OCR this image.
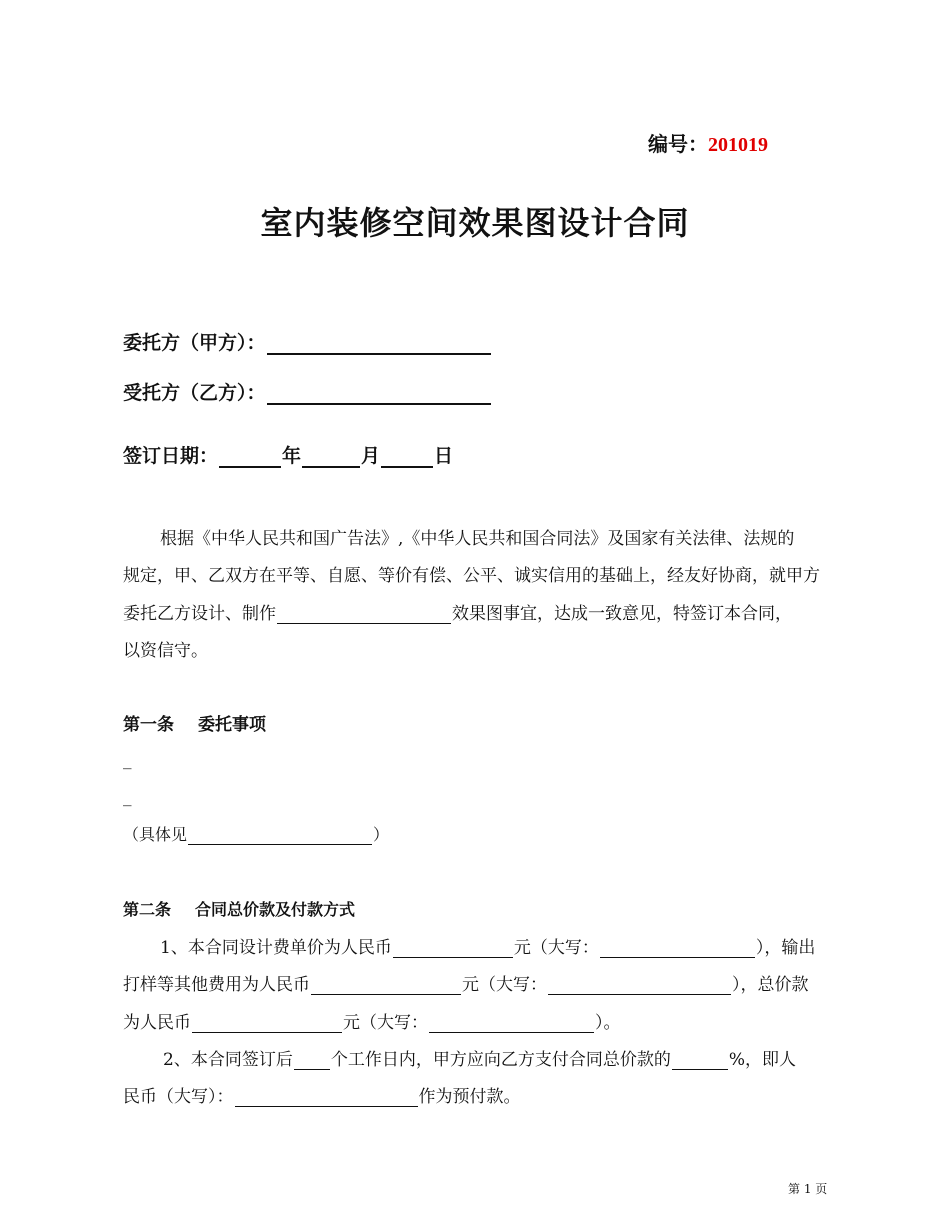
编号：201019
室内装修空间效果图设计合同
委托方（甲方）：
受托方（乙方）：
签订日期：	年	月	日
根据《中华人民共和国广告法》,《中华人民共和国合同法》及国家有关法律、法规的
规定，甲、乙双方在平等、自愿、等价有偿、公平、诚实信用的基础上，经友好协商，就甲方
委托乙方设计、制作	效果图事宜，达成一致意见，特签订本合同，
以资信守。
第一条 委托事项
_
_
（具体见	）
第二条 合同总价款及付款方式
1、本合同设计费单价为人民币	元（大写：	），输出
打样等其他费用为人民币	元（大写：	），总价款
为人民币	元（大写：	）。
2、本合同签订后 个工作日内，甲方应向乙方支付合同总价款的	%，即人
民币（大写）：	作为预付款。
第 1 页
